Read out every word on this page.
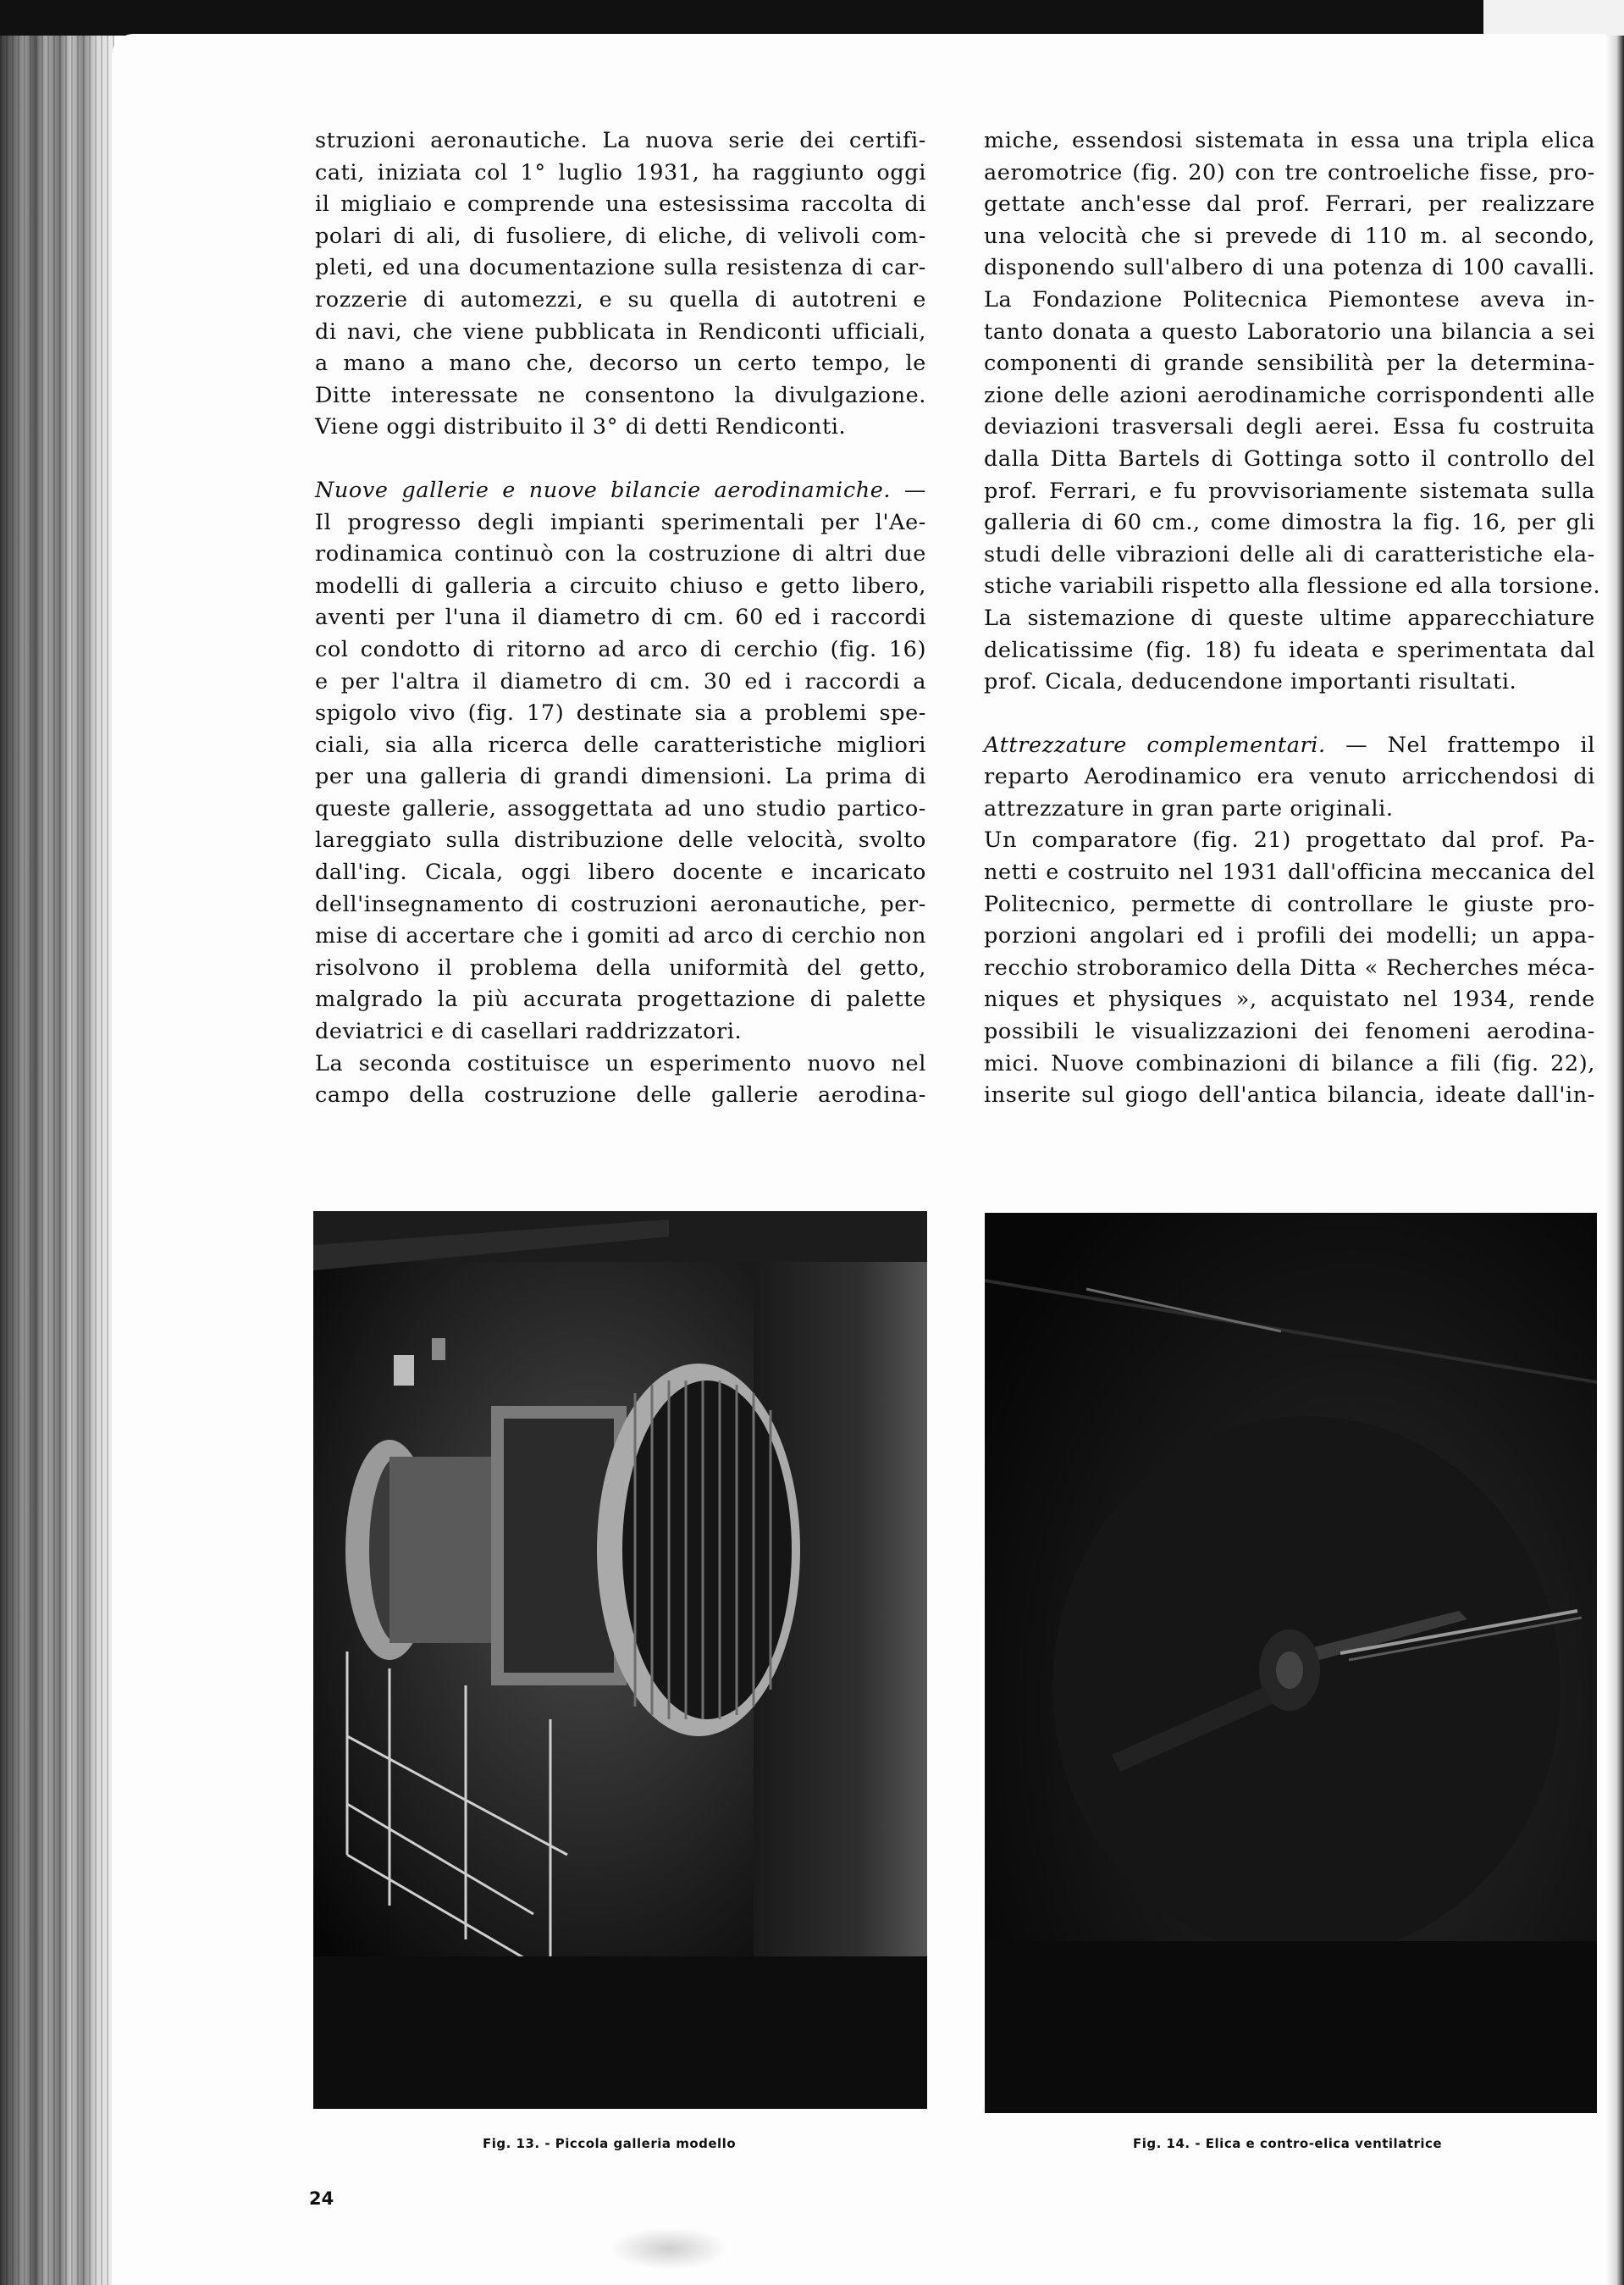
struzioni aeronautiche. La nuova serie dei certifi-
cati, iniziata col 1° luglio 1931, ha raggiunto oggi
il migliaio e comprende una estesissima raccolta di
polari di ali, di fusoliere, di eliche, di velivoli com-
pleti, ed una documentazione sulla resistenza di car-
rozzerie di automezzi, e su quella di autotreni e
di navi, che viene pubblicata in Rendiconti ufficiali,
a mano a mano che, decorso un certo tempo, le
Ditte interessate ne consentono la divulgazione.
Viene oggi distribuito il 3° di detti Rendiconti.
Nuove gallerie e nuove bilancie aerodinamiche. —
Il progresso degli impianti sperimentali per l'Ae-
rodinamica continuò con la costruzione di altri due
modelli di galleria a circuito chiuso e getto libero,
aventi per l'una il diametro di cm. 60 ed i raccordi
col condotto di ritorno ad arco di cerchio (fig. 16)
e per l'altra il diametro di cm. 30 ed i raccordi a
spigolo vivo (fig. 17) destinate sia a problemi spe-
ciali, sia alla ricerca delle caratteristiche migliori
per una galleria di grandi dimensioni. La prima di
queste gallerie, assoggettata ad uno studio partico-
lareggiato sulla distribuzione delle velocità, svolto
dall'ing. Cicala, oggi libero docente e incaricato
dell'insegnamento di costruzioni aeronautiche, per-
mise di accertare che i gomiti ad arco di cerchio non
risolvono il problema della uniformità del getto,
malgrado la più accurata progettazione di palette
deviatrici e di casellari raddrizzatori.
La seconda costituisce un esperimento nuovo nel
campo della costruzione delle gallerie aerodina-
miche, essendosi sistemata in essa una tripla elica
aeromotrice (fig. 20) con tre controeliche fisse, pro-
gettate anch'esse dal prof. Ferrari, per realizzare
una velocità che si prevede di 110 m. al secondo,
disponendo sull'albero di una potenza di 100 cavalli.
La Fondazione Politecnica Piemontese aveva in-
tanto donata a questo Laboratorio una bilancia a sei
componenti di grande sensibilità per la determina-
zione delle azioni aerodinamiche corrispondenti alle
deviazioni trasversali degli aerei. Essa fu costruita
dalla Ditta Bartels di Gottinga sotto il controllo del
prof. Ferrari, e fu provvisoriamente sistemata sulla
galleria di 60 cm., come dimostra la fig. 16, per gli
studi delle vibrazioni delle ali di caratteristiche ela-
stiche variabili rispetto alla flessione ed alla torsione.
La sistemazione di queste ultime apparecchiature
delicatissime (fig. 18) fu ideata e sperimentata dal
prof. Cicala, deducendone importanti risultati.
Attrezzature complementari. — Nel frattempo il
reparto Aerodinamico era venuto arricchendosi di
attrezzature in gran parte originali.
Un comparatore (fig. 21) progettato dal prof. Pa-
netti e costruito nel 1931 dall'officina meccanica del
Politecnico, permette di controllare le giuste pro-
porzioni angolari ed i profili dei modelli; un appa-
recchio stroboramico della Ditta « Recherches méca-
niques et physiques », acquistato nel 1934, rende
possibili le visualizzazioni dei fenomeni aerodina-
mici. Nuove combinazioni di bilance a fili (fig. 22),
inserite sul giogo dell'antica bilancia, ideate dall'in-
Fig. 13. - Piccola galleria modello	Fig. 14. - Elica e contro-elica ventilatrice
24
